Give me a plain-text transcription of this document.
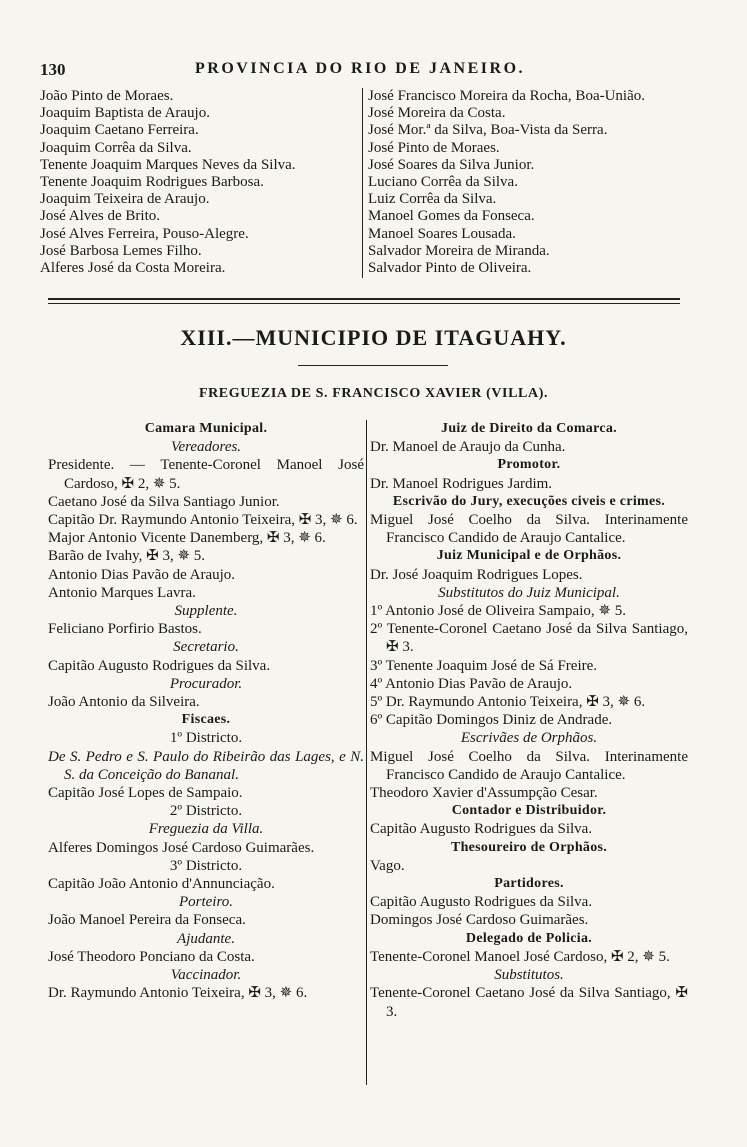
130	PROVINCIA DO RIO DE JANEIRO.
João Pinto de Moraes.
Joaquim Baptista de Araujo.
Joaquim Caetano Ferreira.
Joaquim Corrêa da Silva.
Tenente Joaquim Marques Neves da Silva.
Tenente Joaquim Rodrigues Barbosa.
Joaquim Teixeira de Araujo.
José Alves de Brito.
José Alves Ferreira, Pouso-Alegre.
José Barbosa Lemes Filho.
Alferes José da Costa Moreira.
José Francisco Moreira da Rocha, Boa-União.
José Moreira da Costa.
José Mor.ª da Silva, Boa-Vista da Serra.
José Pinto de Moraes.
José Soares da Silva Junior.
Luciano Corrêa da Silva.
Luiz Corrêa da Silva.
Manoel Gomes da Fonseca.
Manoel Soares Lousada.
Salvador Moreira de Miranda.
Salvador Pinto de Oliveira.
XIII.—MUNICIPIO DE ITAGUAHY.
FREGUEZIA DE S. FRANCISCO XAVIER (VILLA).
Camara Municipal.
Vereadores.
Presidente. — Tenente-Coronel Manoel José Cardoso, ✠ 2, ✵ 5.
Caetano José da Silva Santiago Junior.
Capitão Dr. Raymundo Antonio Teixeira, ✠ 3, ✵ 6.
Major Antonio Vicente Danemberg, ✠ 3, ✵ 6.
Barão de Ivahy, ✠ 3, ✵ 5.
Antonio Dias Pavão de Araujo.
Antonio Marques Lavra.
Supplente.
Feliciano Porfirio Bastos.
Secretario.
Capitão Augusto Rodrigues da Silva.
Procurador.
João Antonio da Silveira.
Fiscaes.
1º Districto.
De S. Pedro e S. Paulo do Ribeirão das Lages, e N. S. da Conceição do Bananal.
Capitão José Lopes de Sampaio.
2º Districto.
Freguezia da Villa.
Alferes Domingos José Cardoso Guimarães.
3º Districto.
Capitão João Antonio d'Annunciação.
Porteiro.
João Manoel Pereira da Fonseca.
Ajudante.
José Theodoro Ponciano da Costa.
Vaccinador.
Dr. Raymundo Antonio Teixeira, ✠ 3, ✵ 6.
Juiz de Direito da Comarca.
Dr. Manoel de Araujo da Cunha.
Promotor.
Dr. Manoel Rodrigues Jardim.
Escrivão do Jury, execuções civeis e crimes.
Miguel José Coelho da Silva. Interinamente Francisco Candido de Araujo Cantalice.
Juiz Municipal e de Orphãos.
Dr. José Joaquim Rodrigues Lopes.
Substitutos do Juiz Municipal.
1º Antonio José de Oliveira Sampaio, ✵ 5.
2º Tenente-Coronel Caetano José da Silva Santiago, ✠ 3.
3º Tenente Joaquim José de Sá Freire.
4º Antonio Dias Pavão de Araujo.
5º Dr. Raymundo Antonio Teixeira, ✠ 3, ✵ 6.
6º Capitão Domingos Diniz de Andrade.
Escrivães de Orphãos.
Miguel José Coelho da Silva. Interinamente Francisco Candido de Araujo Cantalice.
Theodoro Xavier d'Assumpção Cesar.
Contador e Distribuidor.
Capitão Augusto Rodrigues da Silva.
Thesoureiro de Orphãos.
Vago.
Partidores.
Capitão Augusto Rodrigues da Silva.
Domingos José Cardoso Guimarães.
Delegado de Policia.
Tenente-Coronel Manoel José Cardoso, ✠ 2, ✵ 5.
Substitutos.
Tenente-Coronel Caetano José da Silva Santiago, ✠ 3.
